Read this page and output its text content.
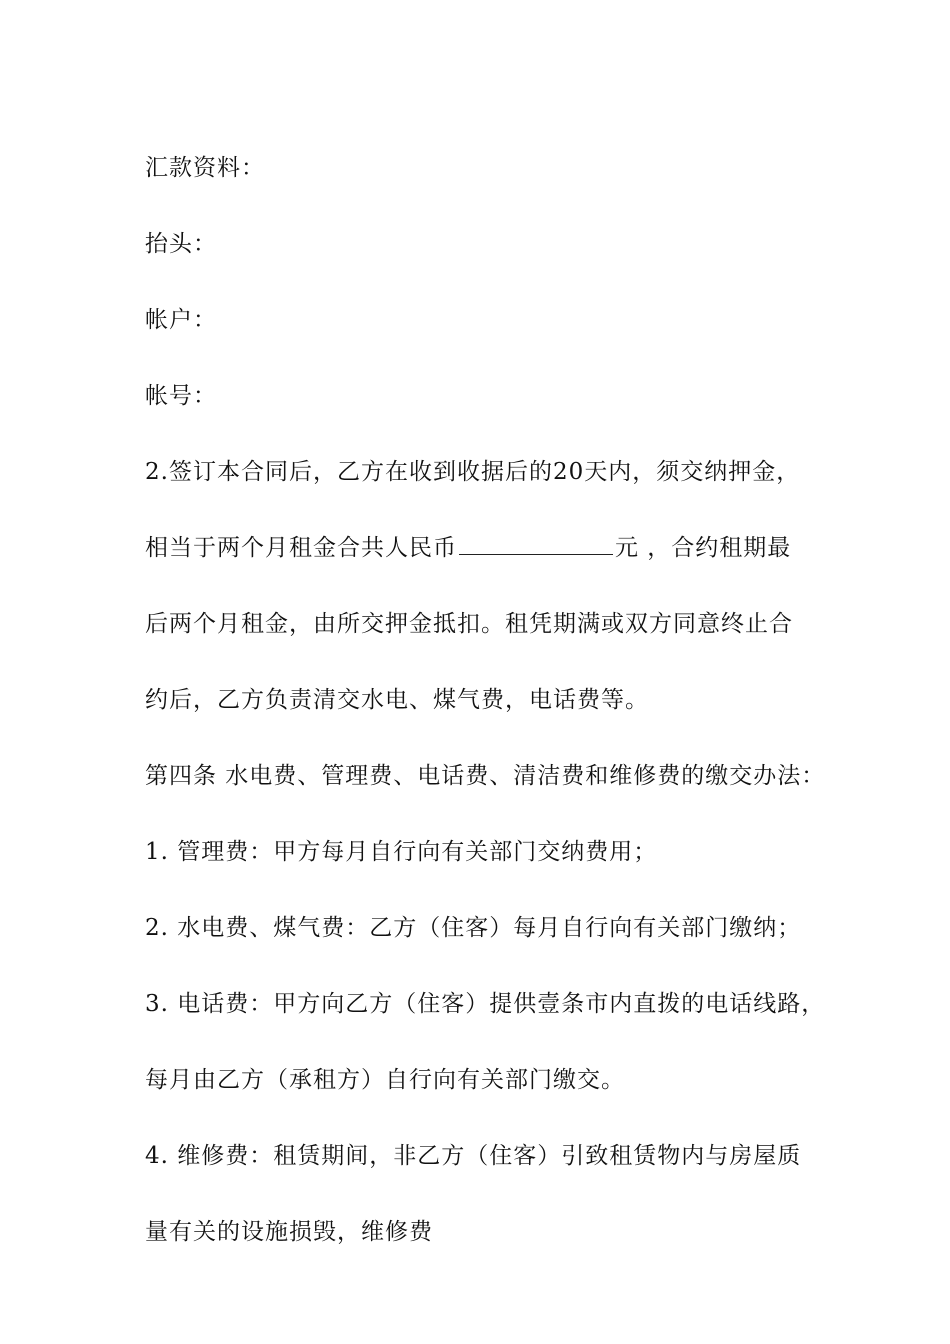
汇款资料：
抬头：
帐户：
帐号：
2.签订本合同后，乙方在收到收据后的20天内，须交纳押金，
相当于两个月租金合共人民币	元 ，合约租期最
后两个月租金，由所交押金抵扣。租凭期满或双方同意终止合
约后，乙方负责清交水电、煤气费，电话费等。
第四条 水电费、管理费、电话费、清洁费和维修费的缴交办法：
1. 管理费：甲方每月自行向有关部门交纳费用；
2. 水电费、煤气费：乙方（住客）每月自行向有关部门缴纳；
3. 电话费：甲方向乙方（住客）提供壹条市内直拨的电话线路，
每月由乙方（承租方）自行向有关部门缴交。
4. 维修费：租赁期间，非乙方（住客）引致租赁物内与房屋质
量有关的设施损毁，维修费
